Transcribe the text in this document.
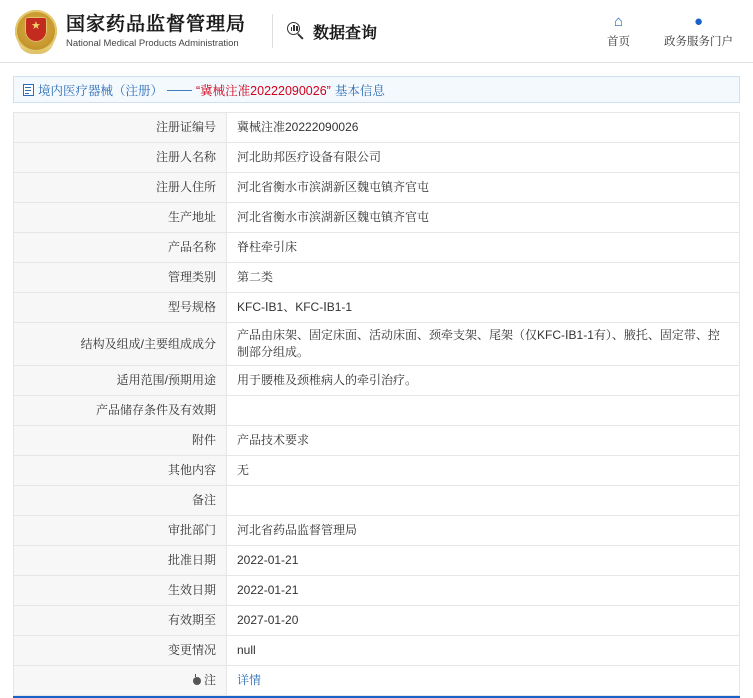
★ 国家药品监督管理局
National Medical Products Administration
数据查询
⌂
首页
●
政务服务门户
境内医疗器械（注册） —— “冀械注准20222090026” 基本信息
注册证编号	冀械注准20222090026
注册人名称	河北助邦医疗设备有限公司
注册人住所	河北省衡水市滨湖新区魏屯镇齐官屯
生产地址	河北省衡水市滨湖新区魏屯镇齐官屯
产品名称	脊柱牵引床
管理类别	第二类
型号规格	KFC-ⅠB1、KFC-ⅠB1-1
结构及组成/主要组成成分	产品由床架、固定床面、活动床面、颈牵支架、尾架（仅KFC-ⅠB1-1有）、腋托、固定带、控制部分组成。
适用范围/预期用途	用于腰椎及颈椎病人的牵引治疗。
产品储存条件及有效期	
附件	产品技术要求
其他内容	无
备注	
审批部门	河北省药品监督管理局
批准日期	2022-01-21
生效日期	2022-01-21
有效期至	2027-01-20
变更情况	null

注	详情
